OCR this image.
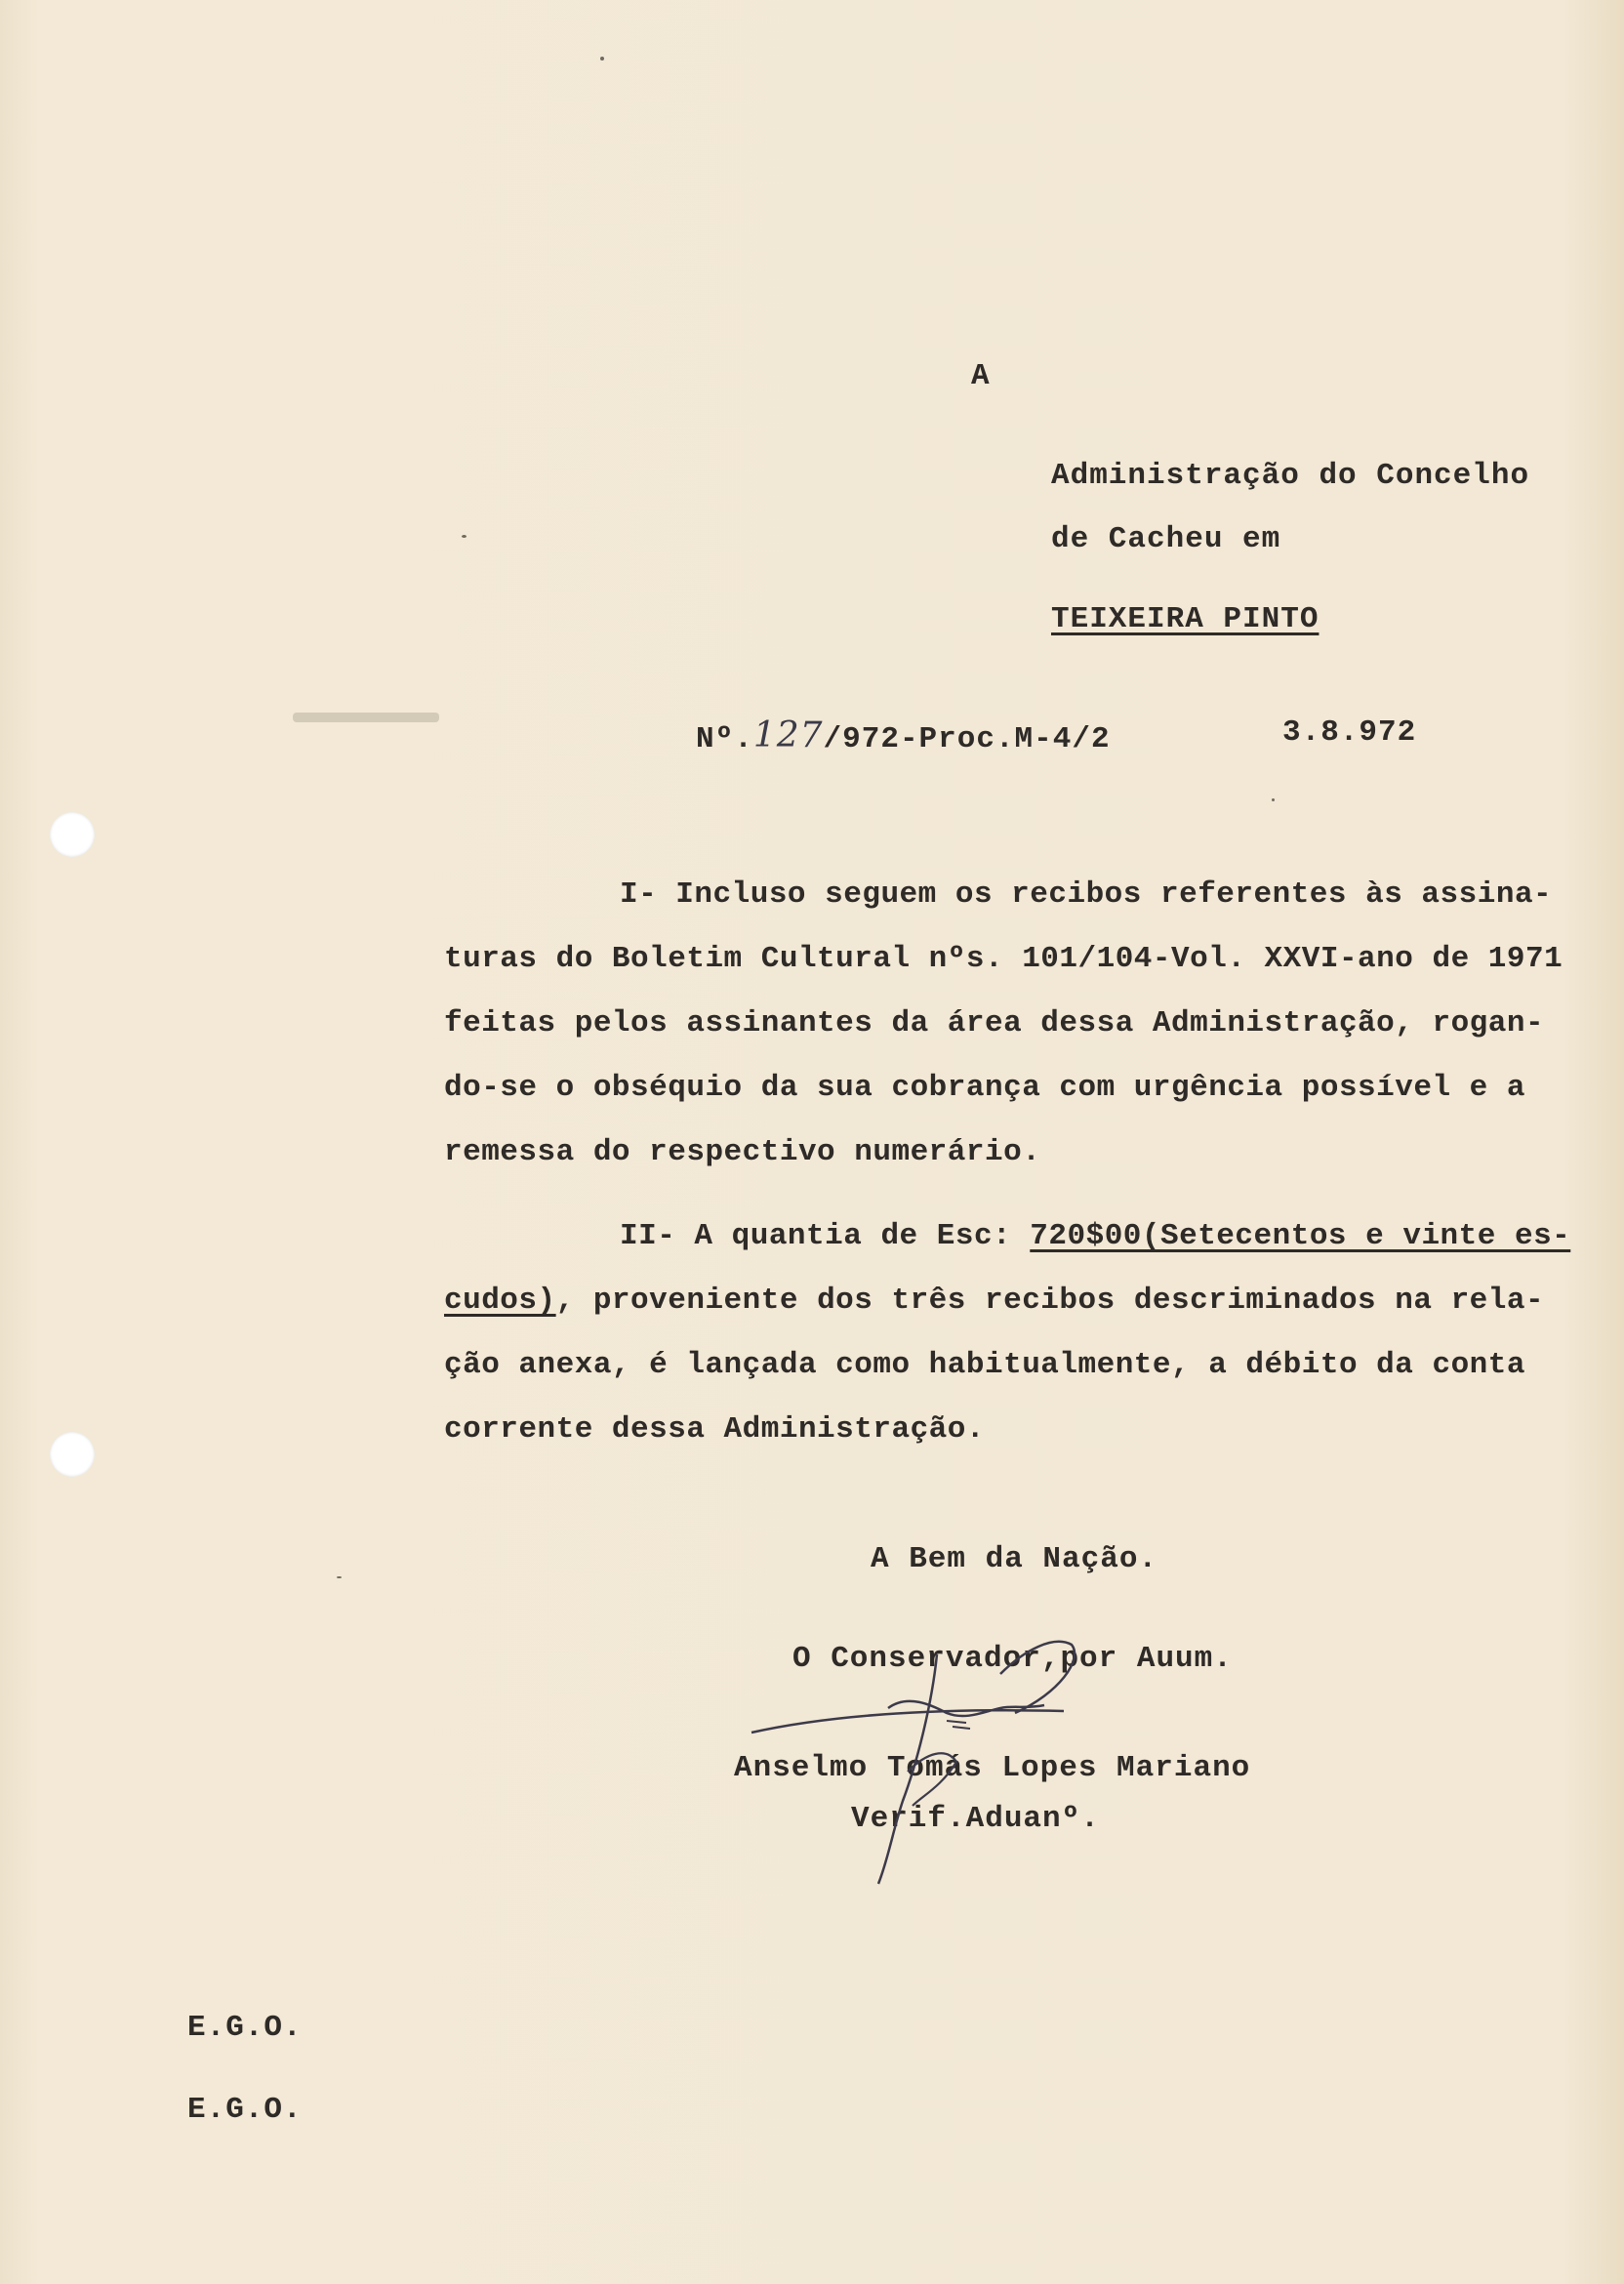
A
Administração do Concelho
de Cacheu em
TEIXEIRA PINTO
Nº.127/972-Proc.M-4/2	3.8.972
I- Incluso seguem os recibos referentes às assina-
turas do Boletim Cultural nºs. 101/104-Vol. XXVI-ano de 1971
feitas pelos assinantes da área dessa Administração, rogan-
do-se o obséquio da sua cobrança com urgência possível e a
remessa do respectivo numerário.
II- A quantia de Esc: 720$00(Setecentos e vinte es-
cudos), proveniente dos três recibos descriminados na rela-
ção anexa, é lançada como habitualmente, a débito da conta
corrente dessa Administração.
A Bem da Nação.
O Conservador,por Auum.
Anselmo Tomás Lopes Mariano
Verif.Aduanº.
E.G.O.
E.G.O.
